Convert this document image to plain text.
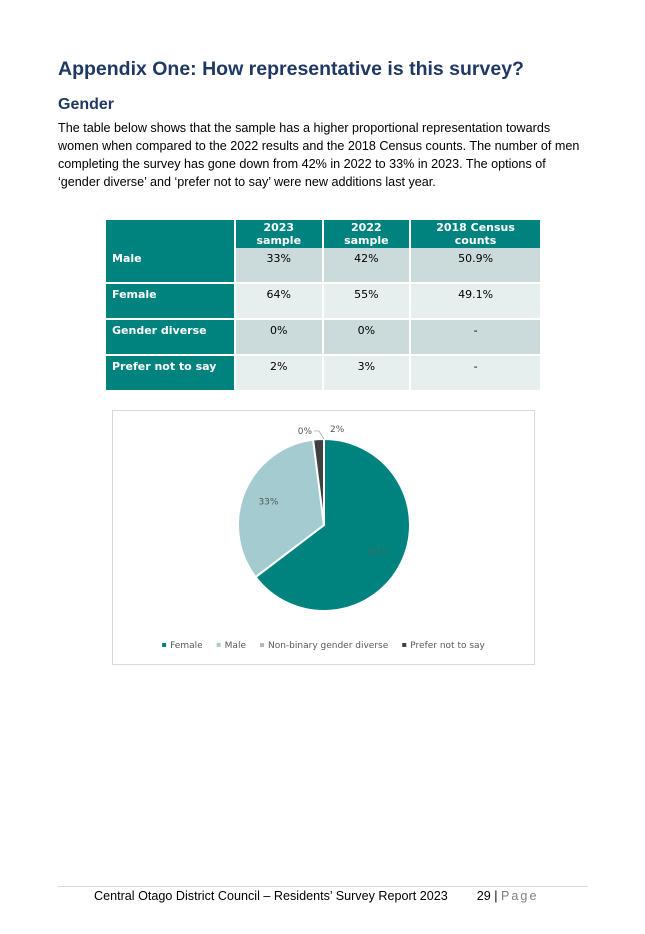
Appendix One: How representative is this survey?
Gender

The table below shows that the sample has a higher proportional representation towards women when compared to the 2022 results and the 2018 Census counts. The number of men completing the survey has gone down from 42% in 2022 to 33% in 2023. The options of ‘gender diverse’ and ‘prefer not to say’ were new additions last year.

	2023 sample	2022 sample	2018 Census counts
Male	33%	42%	50.9%
Female	64%	55%	49.1%
Gender diverse	0%	0%	-
Prefer not to say	2%	3%	-
64%
33%
0% 2%
Female Male Non-binary gender diverse Prefer not to say
Central Otago District Council – Residents’ Survey Report 2023 29 | Page
